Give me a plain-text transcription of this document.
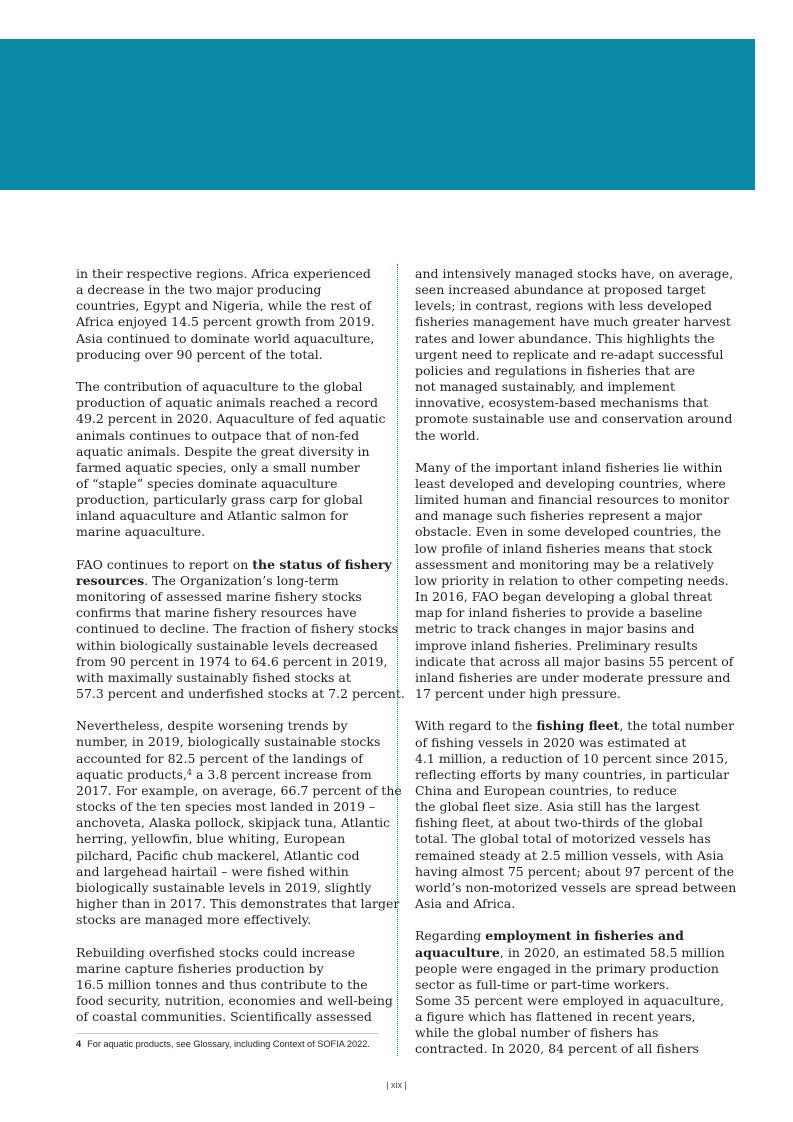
in their respective regions. Africa experienced
a decrease in the two major producing
countries, Egypt and Nigeria, while the rest of
Africa enjoyed 14.5 percent growth from 2019.
Asia continued to dominate world aquaculture,
producing over 90 percent of the total.

The contribution of aquaculture to the global
production of aquatic animals reached a record
49.2 percent in 2020. Aquaculture of fed aquatic
animals continues to outpace that of non-fed
aquatic animals. Despite the great diversity in
farmed aquatic species, only a small number
of “staple” species dominate aquaculture
production, particularly grass carp for global
inland aquaculture and Atlantic salmon for
marine aquaculture.

FAO continues to report on the status of fishery
resources. The Organization’s long-term
monitoring of assessed marine fishery stocks
confirms that marine fishery resources have
continued to decline. The fraction of fishery stocks
within biologically sustainable levels decreased
from 90 percent in 1974 to 64.6 percent in 2019,
with maximally sustainably fished stocks at
57.3 percent and underfished stocks at 7.2 percent.

Nevertheless, despite worsening trends by
number, in 2019, biologically sustainable stocks
accounted for 82.5 percent of the landings of
aquatic products,$^4$ a 3.8 percent increase from
2017. For example, on average, 66.7 percent of the
stocks of the ten species most landed in 2019 –
anchoveta, Alaska pollock, skipjack tuna, Atlantic
herring, yellowfin, blue whiting, European
pilchard, Pacific chub mackerel, Atlantic cod
and largehead hairtail – were fished within
biologically sustainable levels in 2019, slightly
higher than in 2017. This demonstrates that larger
stocks are managed more effectively.

Rebuilding overfished stocks could increase
marine capture fisheries production by
16.5 million tonnes and thus contribute to the
food security, nutrition, economies and well-being
of coastal communities. Scientifically assessed

and intensively managed stocks have, on average,
seen increased abundance at proposed target
levels; in contrast, regions with less developed
fisheries management have much greater harvest
rates and lower abundance. This highlights the
urgent need to replicate and re-adapt successful
policies and regulations in fisheries that are
not managed sustainably, and implement
innovative, ecosystem-based mechanisms that
promote sustainable use and conservation around
the world.

Many of the important inland fisheries lie within
least developed and developing countries, where
limited human and financial resources to monitor
and manage such fisheries represent a major
obstacle. Even in some developed countries, the
low profile of inland fisheries means that stock
assessment and monitoring may be a relatively
low priority in relation to other competing needs.
In 2016, FAO began developing a global threat
map for inland fisheries to provide a baseline
metric to track changes in major basins and
improve inland fisheries. Preliminary results
indicate that across all major basins 55 percent of
inland fisheries are under moderate pressure and
17 percent under high pressure.

With regard to the fishing fleet, the total number
of fishing vessels in 2020 was estimated at
4.1 million, a reduction of 10 percent since 2015,
reflecting efforts by many countries, in particular
China and European countries, to reduce
the global fleet size. Asia still has the largest
fishing fleet, at about two-thirds of the global
total. The global total of motorized vessels has
remained steady at 2.5 million vessels, with Asia
having almost 75 percent; about 97 percent of the
world’s non-motorized vessels are spread between
Asia and Africa.

Regarding employment in fisheries and
aquaculture, in 2020, an estimated 58.5 million
people were engaged in the primary production
sector as full-time or part-time workers.
Some 35 percent were employed in aquaculture,
a figure which has flattened in recent years,
while the global number of fishers has
contracted. In 2020, 84 percent of all fishers

4 For aquatic products, see Glossary, including Context of SOFIA 2022.
| xix |
